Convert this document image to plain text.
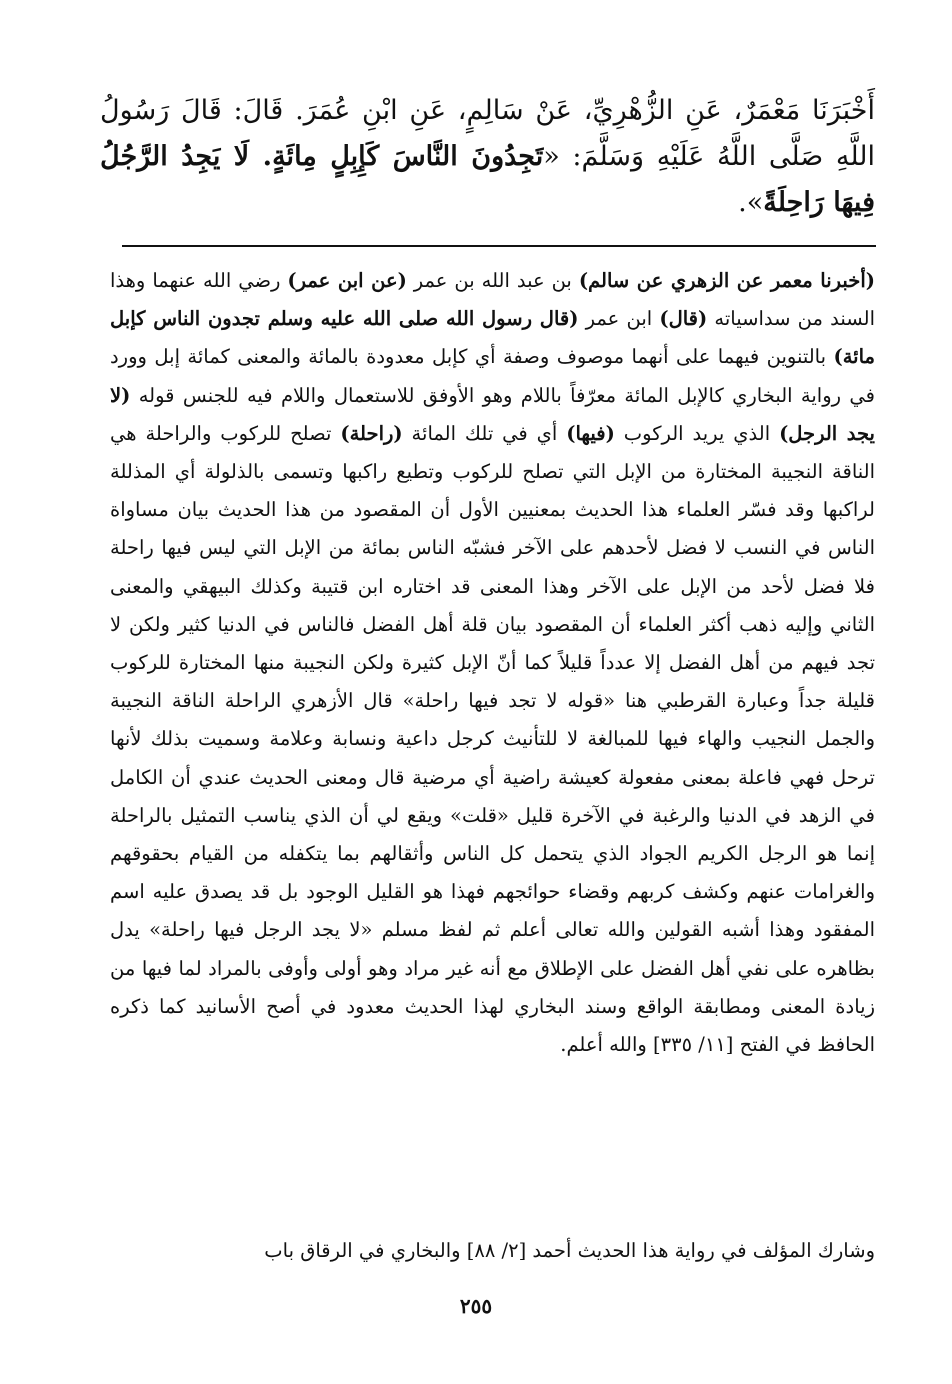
أَخْبَرَنَا مَعْمَرٌ، عَنِ الزُّهْرِيِّ، عَنْ سَالِمٍ، عَنِ ابْنِ عُمَرَ. قَالَ: قَالَ رَسُولُ اللَّهِ صَلَّى اللَّهُ عَلَيْهِ وَسَلَّمَ: «تَجِدُونَ النَّاسَ كَإِبِلٍ مِائَةٍ. لَا يَجِدُ الرَّجُلُ فِيهَا رَاحِلَةً».
(أخبرنا معمر عن الزهري عن سالم) بن عبد الله بن عمر (عن ابن عمر) رضي الله عنهما وهذا السند من سداسياته (قال) ابن عمر (قال رسول الله صلى الله عليه وسلم تجدون الناس كإبل مائة) بالتنوين فيهما على أنهما موصوف وصفة أي كإبل معدودة بالمائة والمعنى كمائة إبل وورد في رواية البخاري كالإبل المائة معرّفاً باللام وهو الأوفق للاستعمال واللام فيه للجنس قوله (لا يجد الرجل) الذي يريد الركوب (فيها) أي في تلك المائة (راحلة) تصلح للركوب والراحلة هي الناقة النجيبة المختارة من الإبل التي تصلح للركوب وتطيع راكبها وتسمى بالذلولة أي المذللة لراكبها وقد فسّر العلماء هذا الحديث بمعنيين الأول أن المقصود من هذا الحديث بيان مساواة الناس في النسب لا فضل لأحدهم على الآخر فشبّه الناس بمائة من الإبل التي ليس فيها راحلة فلا فضل لأحد من الإبل على الآخر وهذا المعنى قد اختاره ابن قتيبة وكذلك البيهقي والمعنى الثاني وإليه ذهب أكثر العلماء أن المقصود بيان قلة أهل الفضل فالناس في الدنيا كثير ولكن لا تجد فيهم من أهل الفضل إلا عدداً قليلاً كما أنّ الإبل كثيرة ولكن النجيبة منها المختارة للركوب قليلة جداً وعبارة القرطبي هنا «قوله لا تجد فيها راحلة» قال الأزهري الراحلة الناقة النجيبة والجمل النجيب والهاء فيها للمبالغة لا للتأنيث كرجل داعية ونسابة وعلامة وسميت بذلك لأنها ترحل فهي فاعلة بمعنى مفعولة كعيشة راضية أي مرضية قال ومعنى الحديث عندي أن الكامل في الزهد في الدنيا والرغبة في الآخرة قليل «قلت» ويقع لي أن الذي يناسب التمثيل بالراحلة إنما هو الرجل الكريم الجواد الذي يتحمل كل الناس وأثقالهم بما يتكفله من القيام بحقوقهم والغرامات عنهم وكشف كربهم وقضاء حوائجهم فهذا هو القليل الوجود بل قد يصدق عليه اسم المفقود وهذا أشبه القولين والله تعالى أعلم ثم لفظ مسلم «لا يجد الرجل فيها راحلة» يدل بظاهره على نفي أهل الفضل على الإطلاق مع أنه غير مراد وهو أولى وأوفى بالمراد لما فيها من زيادة المعنى ومطابقة الواقع وسند البخاري لهذا الحديث معدود في أصح الأسانيد كما ذكره الحافظ في الفتح [١١/ ٣٣٥] والله أعلم.
وشارك المؤلف في رواية هذا الحديث أحمد [٢/ ٨٨] والبخاري في الرقاق باب
٢٥٥
